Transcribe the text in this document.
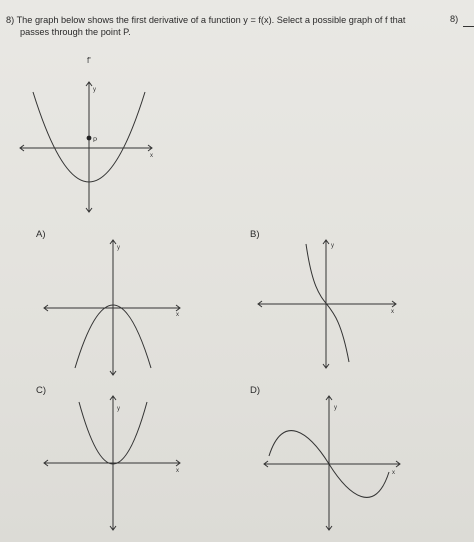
8) The graph below shows the first derivative of a function y = f(x). Select a possible graph of f that
passes through the point P.
8)
f'
y
x
P
A)	B)
C)	D)
y
x
y
x
y
x
y
x
